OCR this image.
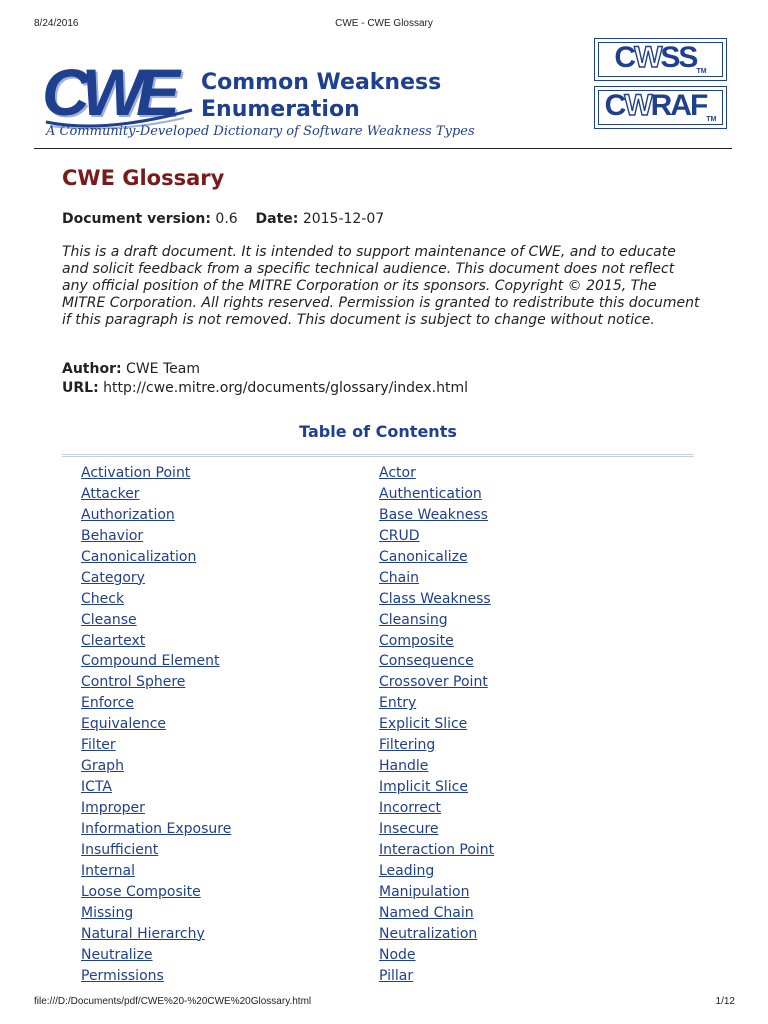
8/24/2016	CWE - CWE Glossary
CWE Common Weakness
Enumeration
A Community-Developed Dictionary of Software Weakness Types
CWSSTM
CWRAFTM
CWE Glossary
Document version: 0.6 Date: 2015-12-07

This is a draft document. It is intended to support maintenance of CWE, and to educate and solicit feedback from a specific technical audience. This document does not reflect any official position of the MITRE Corporation or its sponsors. Copyright © 2015, The MITRE Corporation. All rights reserved. Permission is granted to redistribute this document if this paragraph is not removed. This document is subject to change without notice.

Author: CWE Team
URL: http://cwe.mitre.org/documents/glossary/index.html
Table of Contents
Activation Point
Attacker
Authorization
Behavior
Canonicalization
Category
Check
Cleanse
Cleartext
Compound Element
Control Sphere
Enforce
Equivalence
Filter
Graph
ICTA
Improper
Information Exposure
Insufficient
Internal
Loose Composite
Missing
Natural Hierarchy
Neutralize
Permissions
Actor
Authentication
Base Weakness
CRUD
Canonicalize
Chain
Class Weakness
Cleansing
Composite
Consequence
Crossover Point
Entry
Explicit Slice
Filtering
Handle
Implicit Slice
Incorrect
Insecure
Interaction Point
Leading
Manipulation
Named Chain
Neutralization
Node
Pillar
file:///D:/Documents/pdf/CWE%20-%20CWE%20Glossary.html	1/12
